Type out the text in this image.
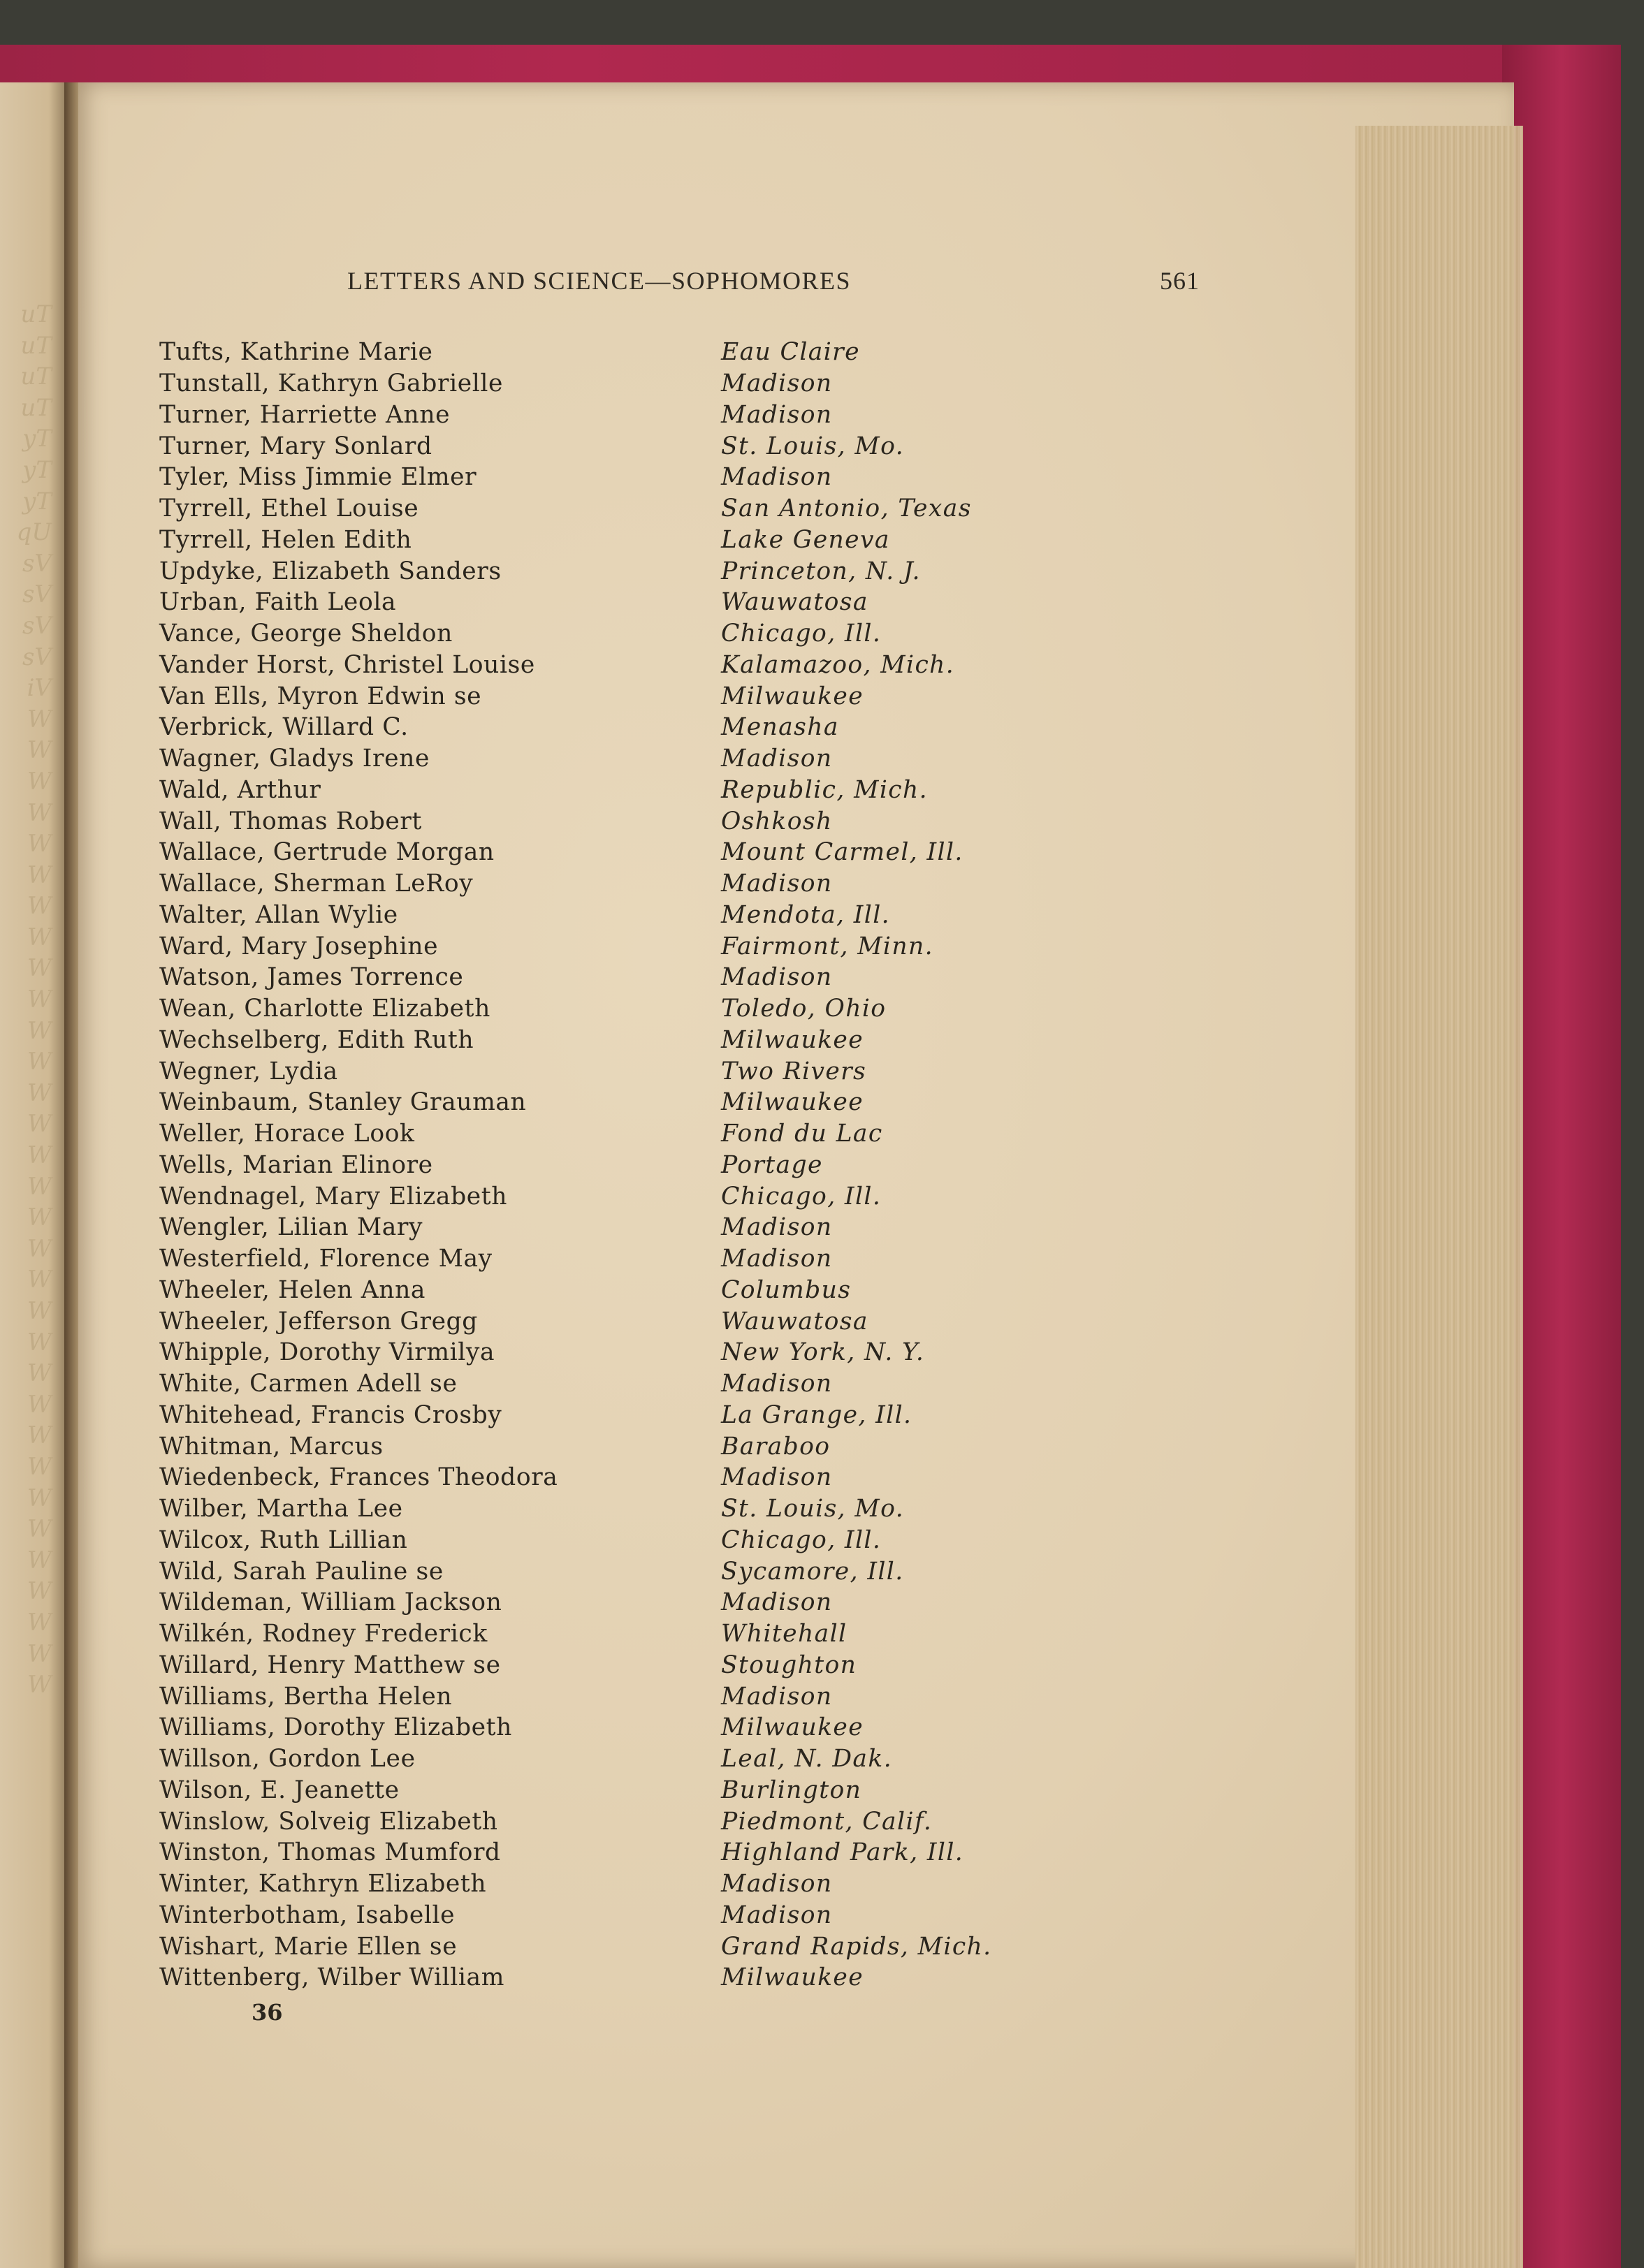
uT
uT
uT
uT
yT
yT
yT
qU
sV
sV
sV
sV
iV
W
W
W
W
W
W
W
W
W
W
W
W
W
W
W
W
W
W
W
W
W
W
W
W
W
W
W
W
W
W
W
W
LETTERS AND SCIENCE—SOPHOMORES	561
Tufts, Kathrine Marie	Eau Claire
Tunstall, Kathryn Gabrielle	Madison
Turner, Harriette Anne	Madison
Turner, Mary Sonlard	St. Louis, Mo.
Tyler, Miss Jimmie Elmer	Madison
Tyrrell, Ethel Louise	San Antonio, Texas
Tyrrell, Helen Edith	Lake Geneva
Updyke, Elizabeth Sanders	Princeton, N. J.
Urban, Faith Leola	Wauwatosa
Vance, George Sheldon	Chicago, Ill.
Vander Horst, Christel Louise	Kalamazoo, Mich.
Van Ells, Myron Edwin se	Milwaukee
Verbrick, Willard C.	Menasha
Wagner, Gladys Irene	Madison
Wald, Arthur	Republic, Mich.
Wall, Thomas Robert	Oshkosh
Wallace, Gertrude Morgan	Mount Carmel, Ill.
Wallace, Sherman LeRoy	Madison
Walter, Allan Wylie	Mendota, Ill.
Ward, Mary Josephine	Fairmont, Minn.
Watson, James Torrence	Madison
Wean, Charlotte Elizabeth	Toledo, Ohio
Wechselberg, Edith Ruth	Milwaukee
Wegner, Lydia	Two Rivers
Weinbaum, Stanley Grauman	Milwaukee
Weller, Horace Look	Fond du Lac
Wells, Marian Elinore	Portage
Wendnagel, Mary Elizabeth	Chicago, Ill.
Wengler, Lilian Mary	Madison
Westerfield, Florence May	Madison
Wheeler, Helen Anna	Columbus
Wheeler, Jefferson Gregg	Wauwatosa
Whipple, Dorothy Virmilya	New York, N. Y.
White, Carmen Adell se	Madison
Whitehead, Francis Crosby	La Grange, Ill.
Whitman, Marcus	Baraboo
Wiedenbeck, Frances Theodora	Madison
Wilber, Martha Lee	St. Louis, Mo.
Wilcox, Ruth Lillian	Chicago, Ill.
Wild, Sarah Pauline se	Sycamore, Ill.
Wildeman, William Jackson	Madison
Wilkén, Rodney Frederick	Whitehall
Willard, Henry Matthew se	Stoughton
Williams, Bertha Helen	Madison
Williams, Dorothy Elizabeth	Milwaukee
Willson, Gordon Lee	Leal, N. Dak.
Wilson, E. Jeanette	Burlington
Winslow, Solveig Elizabeth	Piedmont, Calif.
Winston, Thomas Mumford	Highland Park, Ill.
Winter, Kathryn Elizabeth	Madison
Winterbotham, Isabelle	Madison
Wishart, Marie Ellen se	Grand Rapids, Mich.
Wittenberg, Wilber William	Milwaukee
36
